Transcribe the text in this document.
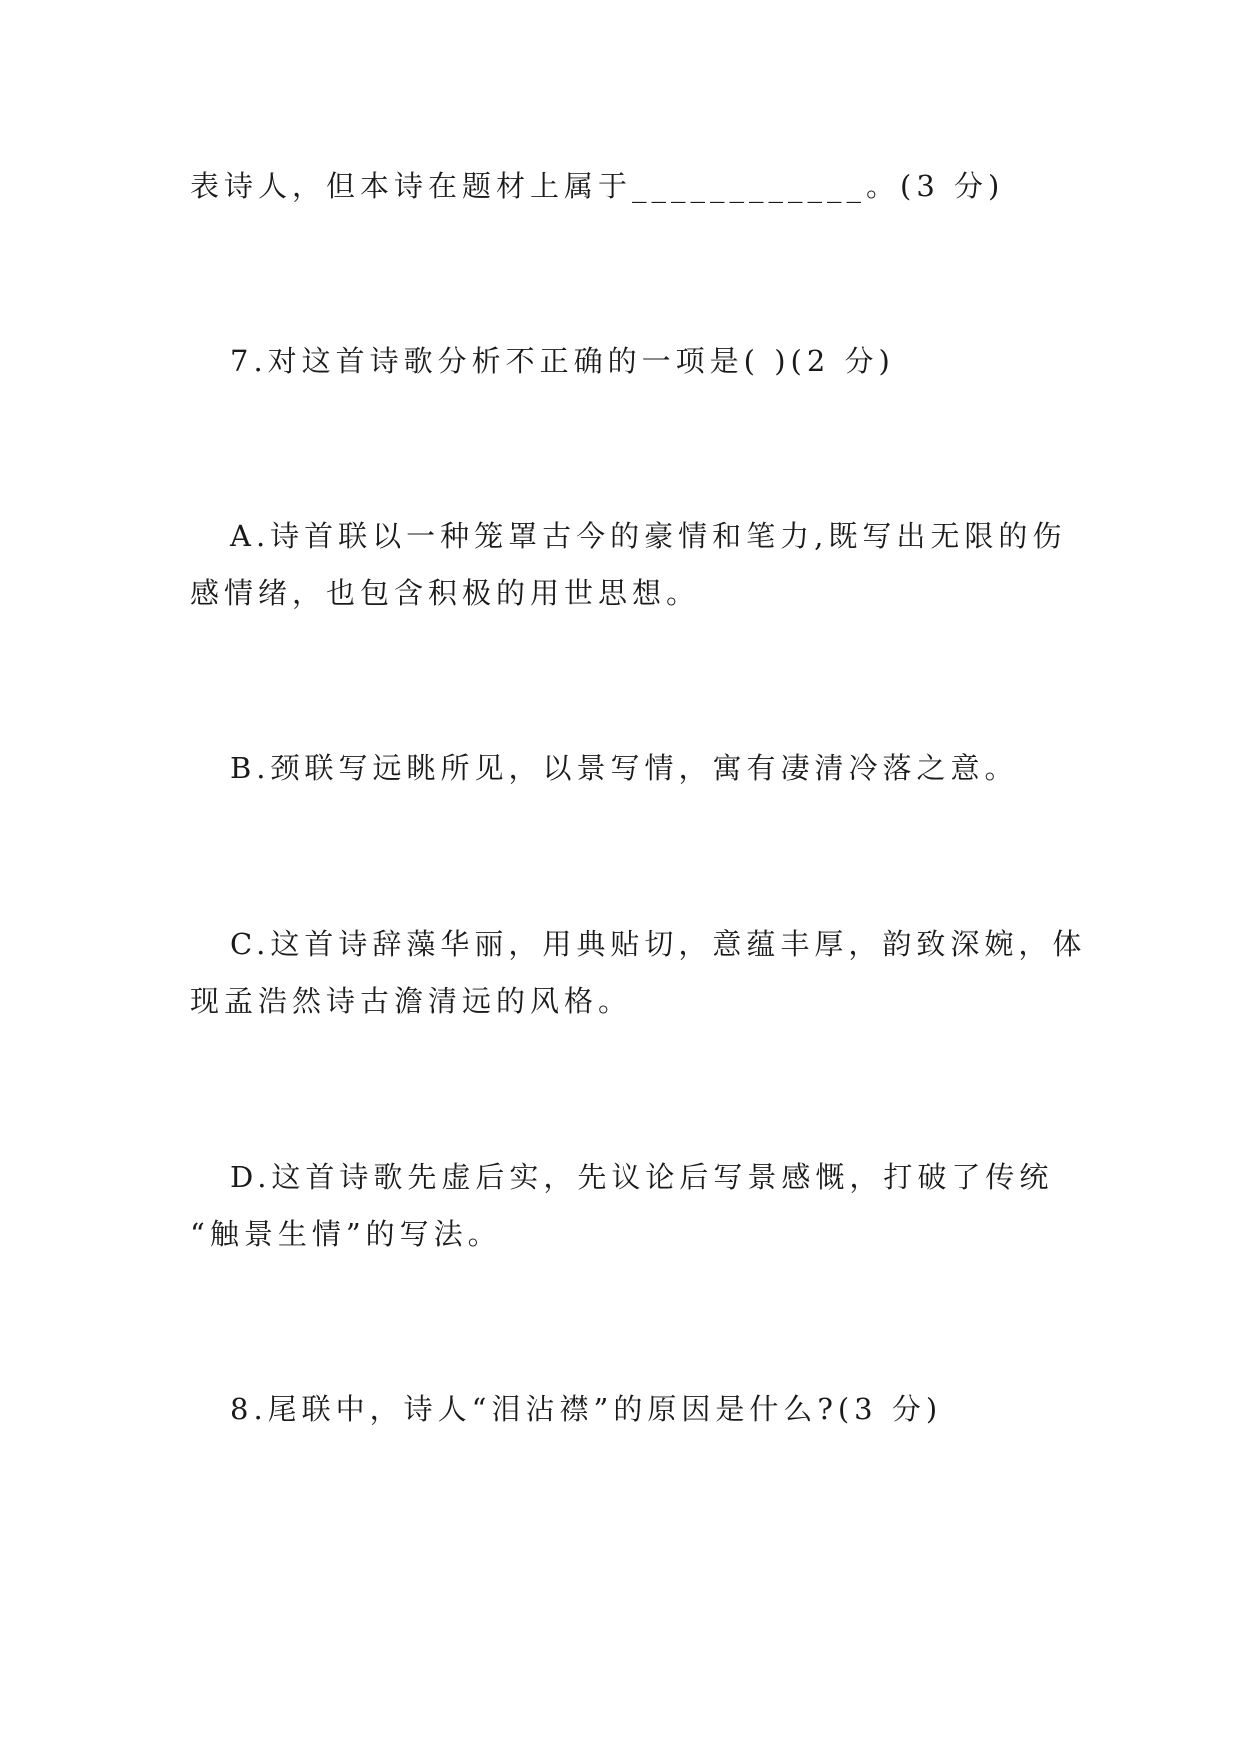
表诗人，但本诗在题材上属于____________。(3 分)
7.对这首诗歌分析不正确的一项是( )(2 分)
A.诗首联以一种笼罩古今的豪情和笔力,既写出无限的伤
感情绪，也包含积极的用世思想。
B.颈联写远眺所见，以景写情，寓有凄清冷落之意。
C.这首诗辞藻华丽，用典贴切，意蕴丰厚，韵致深婉，体
现孟浩然诗古澹清远的风格。
D.这首诗歌先虚后实，先议论后写景感慨，打破了传统
“触景生情”的写法。
8.尾联中，诗人“泪沾襟”的原因是什么?(3 分)
